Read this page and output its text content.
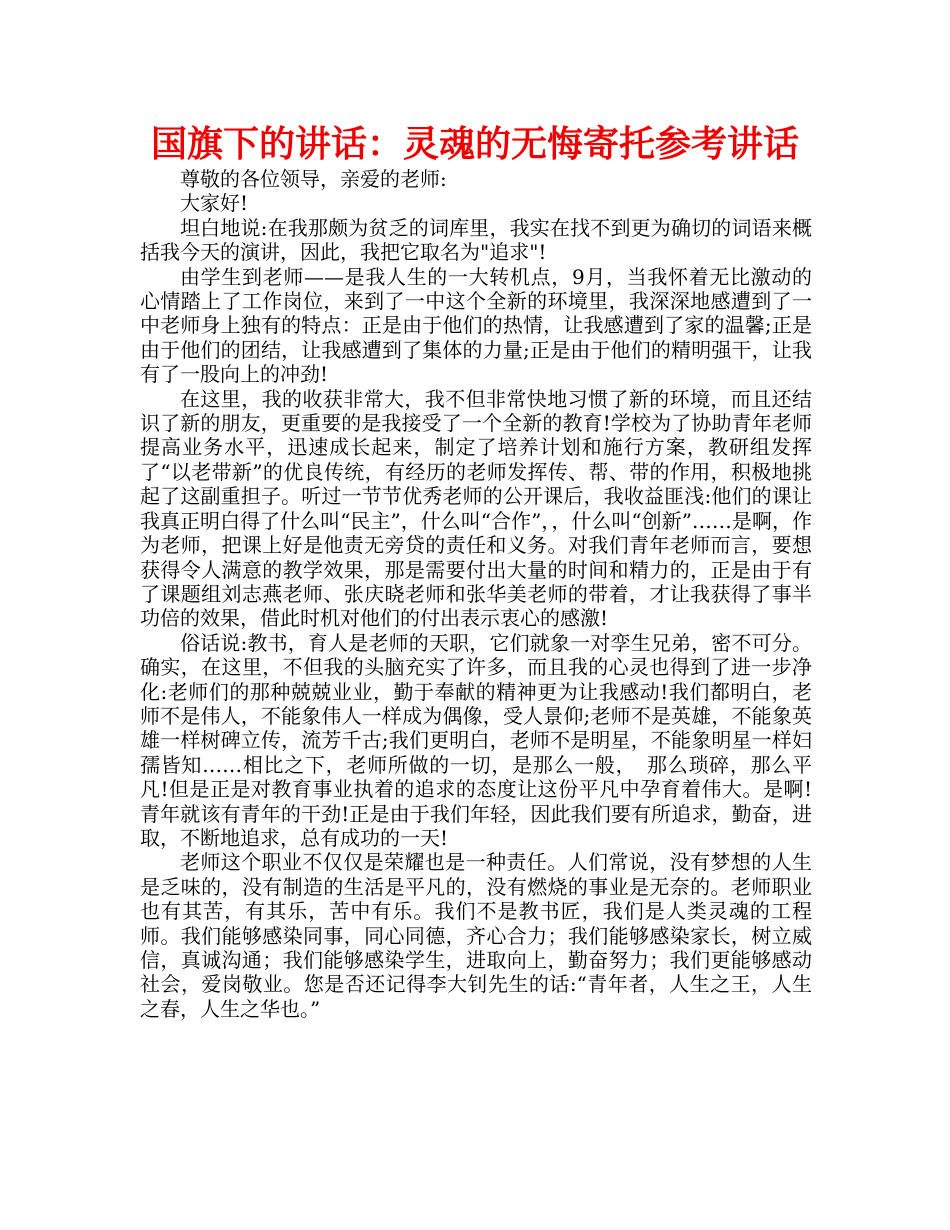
国旗下的讲话：灵魂的无悔寄托参考讲话

尊敬的各位领导，亲爱的老师:

大家好!

坦白地说:在我那颇为贫乏的词库里，我实在找不到更为确切的词语来概括我今天的演讲，因此，我把它取名为"追求"!

由学生到老师——是我人生的一大转机点，9月，当我怀着无比激动的心情踏上了工作岗位，来到了一中这个全新的环境里，我深深地感遭到了一中老师身上独有的特点：正是由于他们的热情，让我感遭到了家的温馨;正是由于他们的团结，让我感遭到了集体的力量;正是由于他们的精明强干，让我有了一股向上的冲劲!

在这里，我的收获非常大，我不但非常快地习惯了新的环境，而且还结识了新的朋友，更重要的是我接受了一个全新的教育!学校为了协助青年老师提高业务水平，迅速成长起来，制定了培养计划和施行方案，教研组发挥了“以老带新”的优良传统，有经历的老师发挥传、帮、带的作用，积极地挑起了这副重担子。听过一节节优秀老师的公开课后，我收益匪浅:他们的课让我真正明白得了什么叫“民主”，什么叫“合作”，，什么叫“创新”……是啊，作为老师，把课上好是他责无旁贷的责任和义务。对我们青年老师而言，要想获得令人满意的教学效果，那是需要付出大量的时间和精力的，正是由于有了课题组刘志燕老师、张庆晓老师和张华美老师的带着，才让我获得了事半功倍的效果，借此时机对他们的付出表示衷心的感激!

俗话说:教书，育人是老师的天职，它们就象一对孪生兄弟，密不可分。确实，在这里，不但我的头脑充实了许多，而且我的心灵也得到了进一步净化:老师们的那种兢兢业业，勤于奉献的精神更为让我感动!我们都明白，老师不是伟人，不能象伟人一样成为偶像，受人景仰;老师不是英雄，不能象英雄一样树碑立传，流芳千古;我们更明白，老师不是明星，不能象明星一样妇孺皆知……相比之下，老师所做的一切，是那么一般，　那么琐碎，那么平凡!但是正是对教育事业执着的追求的态度让这份平凡中孕育着伟大。是啊!青年就该有青年的干劲!正是由于我们年轻，因此我们要有所追求，勤奋，进取，不断地追求，总有成功的一天!

老师这个职业不仅仅是荣耀也是一种责任。人们常说，没有梦想的人生是乏味的，没有制造的生活是平凡的，没有燃烧的事业是无奈的。老师职业也有其苦，有其乐，苦中有乐。我们不是教书匠，我们是人类灵魂的工程师。我们能够感染同事，同心同德，齐心合力；我们能够感染家长，树立威信，真诚沟通；我们能够感染学生，进取向上，勤奋努力；我们更能够感动社会，爱岗敬业。您是否还记得李大钊先生的话:“青年者，人生之王，人生之春，人生之华也。”
